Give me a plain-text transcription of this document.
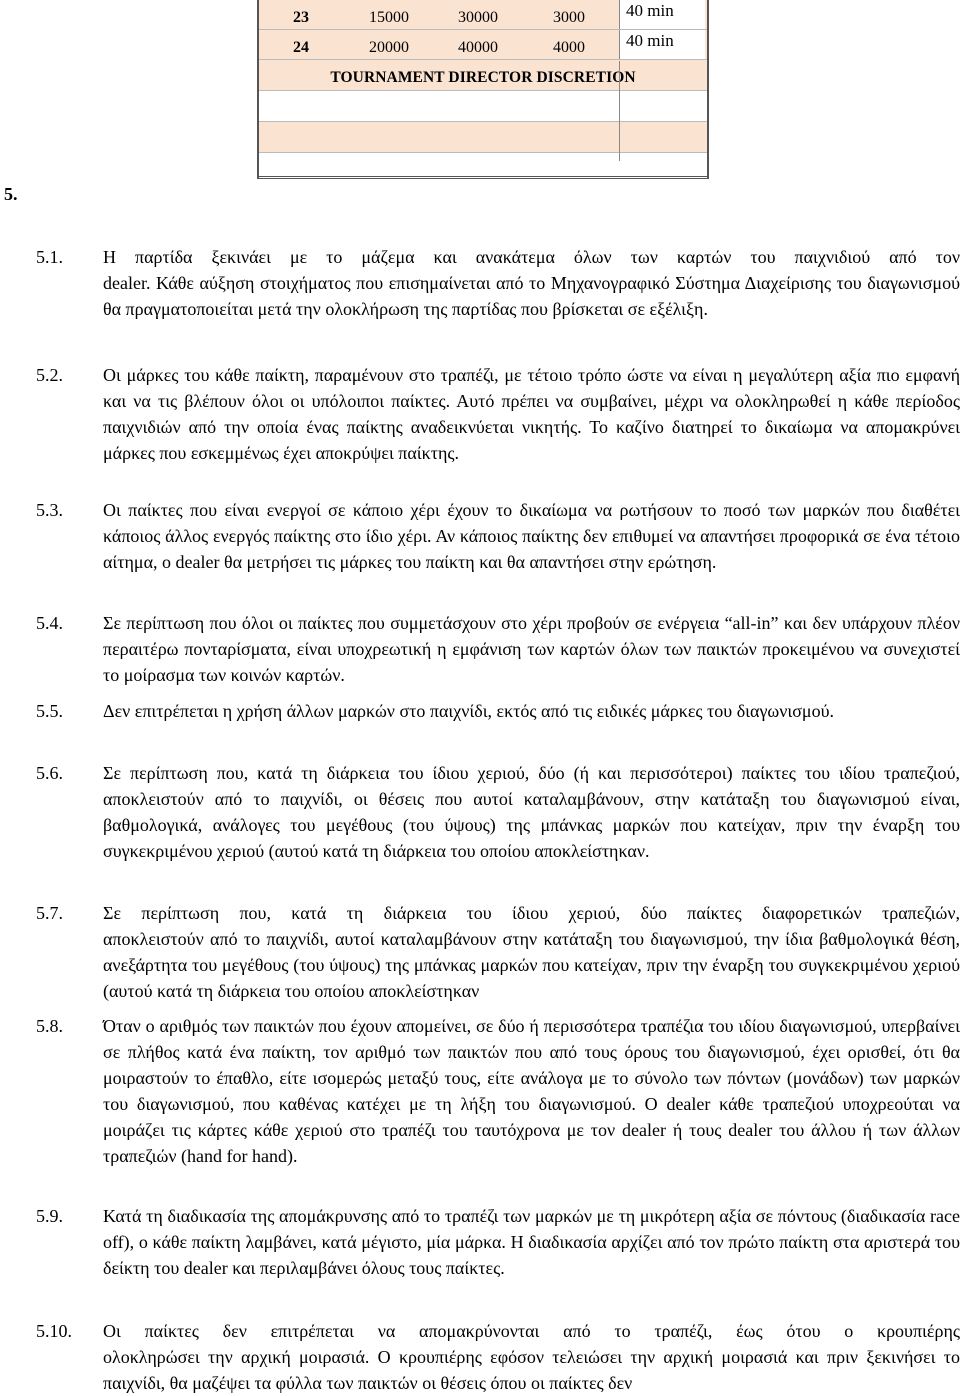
23	15000	30000	3000	40 min
24	20000	40000	4000	40 min
TOURNAMENT DIRECTOR DISCRETION
5.
5.1. Η παρτίδα ξεκινάει με το μάζεμα και ανακάτεμα όλων των καρτών του παιχνιδιού από τον
dealer. Κάθε αύξηση στοιχήματος που επισημαίνεται από το Μηχανογραφικό Σύστημα Διαχείρισης του διαγωνισμού θα πραγματοποιείται μετά την ολοκλήρωση της παρτίδας που βρίσκεται σε εξέλιξη.
5.2. Οι μάρκες του κάθε παίκτη, παραμένουν στο τραπέζι, με τέτοιο τρόπο ώστε να είναι η μεγαλύτερη αξία πιο εμφανή και να τις βλέπουν όλοι οι υπόλοιποι παίκτες. Αυτό πρέπει να συμβαίνει, μέχρι να ολοκληρωθεί η κάθε περίοδος παιχνιδιών από την οποία ένας παίκτης αναδεικνύεται νικητής. Το καζίνο διατηρεί το δικαίωμα να απομακρύνει μάρκες που εσκεμμένως έχει αποκρύψει παίκτης.
5.3. Οι παίκτες που είναι ενεργοί σε κάποιο χέρι έχουν το δικαίωμα να ρωτήσουν το ποσό των μαρκών που διαθέτει κάποιος άλλος ενεργός παίκτης στο ίδιο χέρι. Αν κάποιος παίκτης δεν επιθυμεί να απαντήσει προφορικά σε ένα τέτοιο αίτημα, ο dealer θα μετρήσει τις μάρκες του παίκτη και θα απαντήσει στην ερώτηση.
5.4. Σε περίπτωση που όλοι οι παίκτες που συμμετάσχουν στο χέρι προβούν σε ενέργεια “all-in” και δεν υπάρχουν πλέον περαιτέρω πονταρίσματα, είναι υποχρεωτική η εμφάνιση των καρτών όλων των παικτών προκειμένου να συνεχιστεί το μοίρασμα των κοινών καρτών.
5.5. Δεν επιτρέπεται η χρήση άλλων μαρκών στο παιχνίδι, εκτός από τις ειδικές μάρκες του διαγωνισμού.
5.6. Σε περίπτωση που, κατά τη διάρκεια του ίδιου χεριού, δύο (ή και περισσότεροι) παίκτες του ιδίου τραπεζιού, αποκλειστούν από το παιχνίδι, οι θέσεις που αυτοί καταλαμβάνουν, στην κατάταξη του διαγωνισμού είναι, βαθμολογικά, ανάλογες του μεγέθους (του ύψους) της μπάνκας μαρκών που κατείχαν, πριν την έναρξη του συγκεκριμένου χεριού (αυτού κατά τη διάρκεια του οποίου αποκλείστηκαν.
5.7. Σε περίπτωση που, κατά τη διάρκεια του ίδιου χεριού, δύο παίκτες διαφορετικών τραπεζιών,
αποκλειστούν από το παιχνίδι, αυτοί καταλαμβάνουν στην κατάταξη του διαγωνισμού, την ίδια βαθμολογικά θέση, ανεξάρτητα του μεγέθους (του ύψους) της μπάνκας μαρκών που κατείχαν, πριν την έναρξη του συγκεκριμένου χεριού (αυτού κατά τη διάρκεια του οποίου αποκλείστηκαν
5.8. Όταν ο αριθμός των παικτών που έχουν απομείνει, σε δύο ή περισσότερα τραπέζια του ιδίου διαγωνισμού, υπερβαίνει σε πλήθος κατά ένα παίκτη, τον αριθμό των παικτών που από τους όρους του διαγωνισμού, έχει ορισθεί, ότι θα μοιραστούν το έπαθλο, είτε ισομερώς μεταξύ τους, είτε ανάλογα με το σύνολο των πόντων (μονάδων) των μαρκών του διαγωνισμού, που καθένας κατέχει με τη λήξη του διαγωνισμού. Ο dealer κάθε τραπεζιού υποχρεούται να μοιράζει τις κάρτες κάθε χεριού στο τραπέζι του ταυτόχρονα με τον dealer ή τους dealer του άλλου ή των άλλων τραπεζιών (hand for hand).
5.9. Κατά τη διαδικασία της απομάκρυνσης από το τραπέζι των μαρκών με τη μικρότερη αξία σε πόντους (διαδικασία race off), ο κάθε παίκτη λαμβάνει, κατά μέγιστο, μία μάρκα. Η διαδικασία αρχίζει από τον πρώτο παίκτη στα αριστερά του δείκτη του dealer και περιλαμβάνει όλους τους παίκτες.
5.10. Οι παίκτες δεν επιτρέπεται να απομακρύνονται από το τραπέζι, έως ότου ο κρουπιέρης
ολοκληρώσει την αρχική μοιρασιά. Ο κρουπιέρης εφόσον τελειώσει την αρχική μοιρασιά και πριν ξεκινήσει το παιχνίδι, θα μαζέψει τα φύλλα των παικτών οι θέσεις όπου οι παίκτες δεν
